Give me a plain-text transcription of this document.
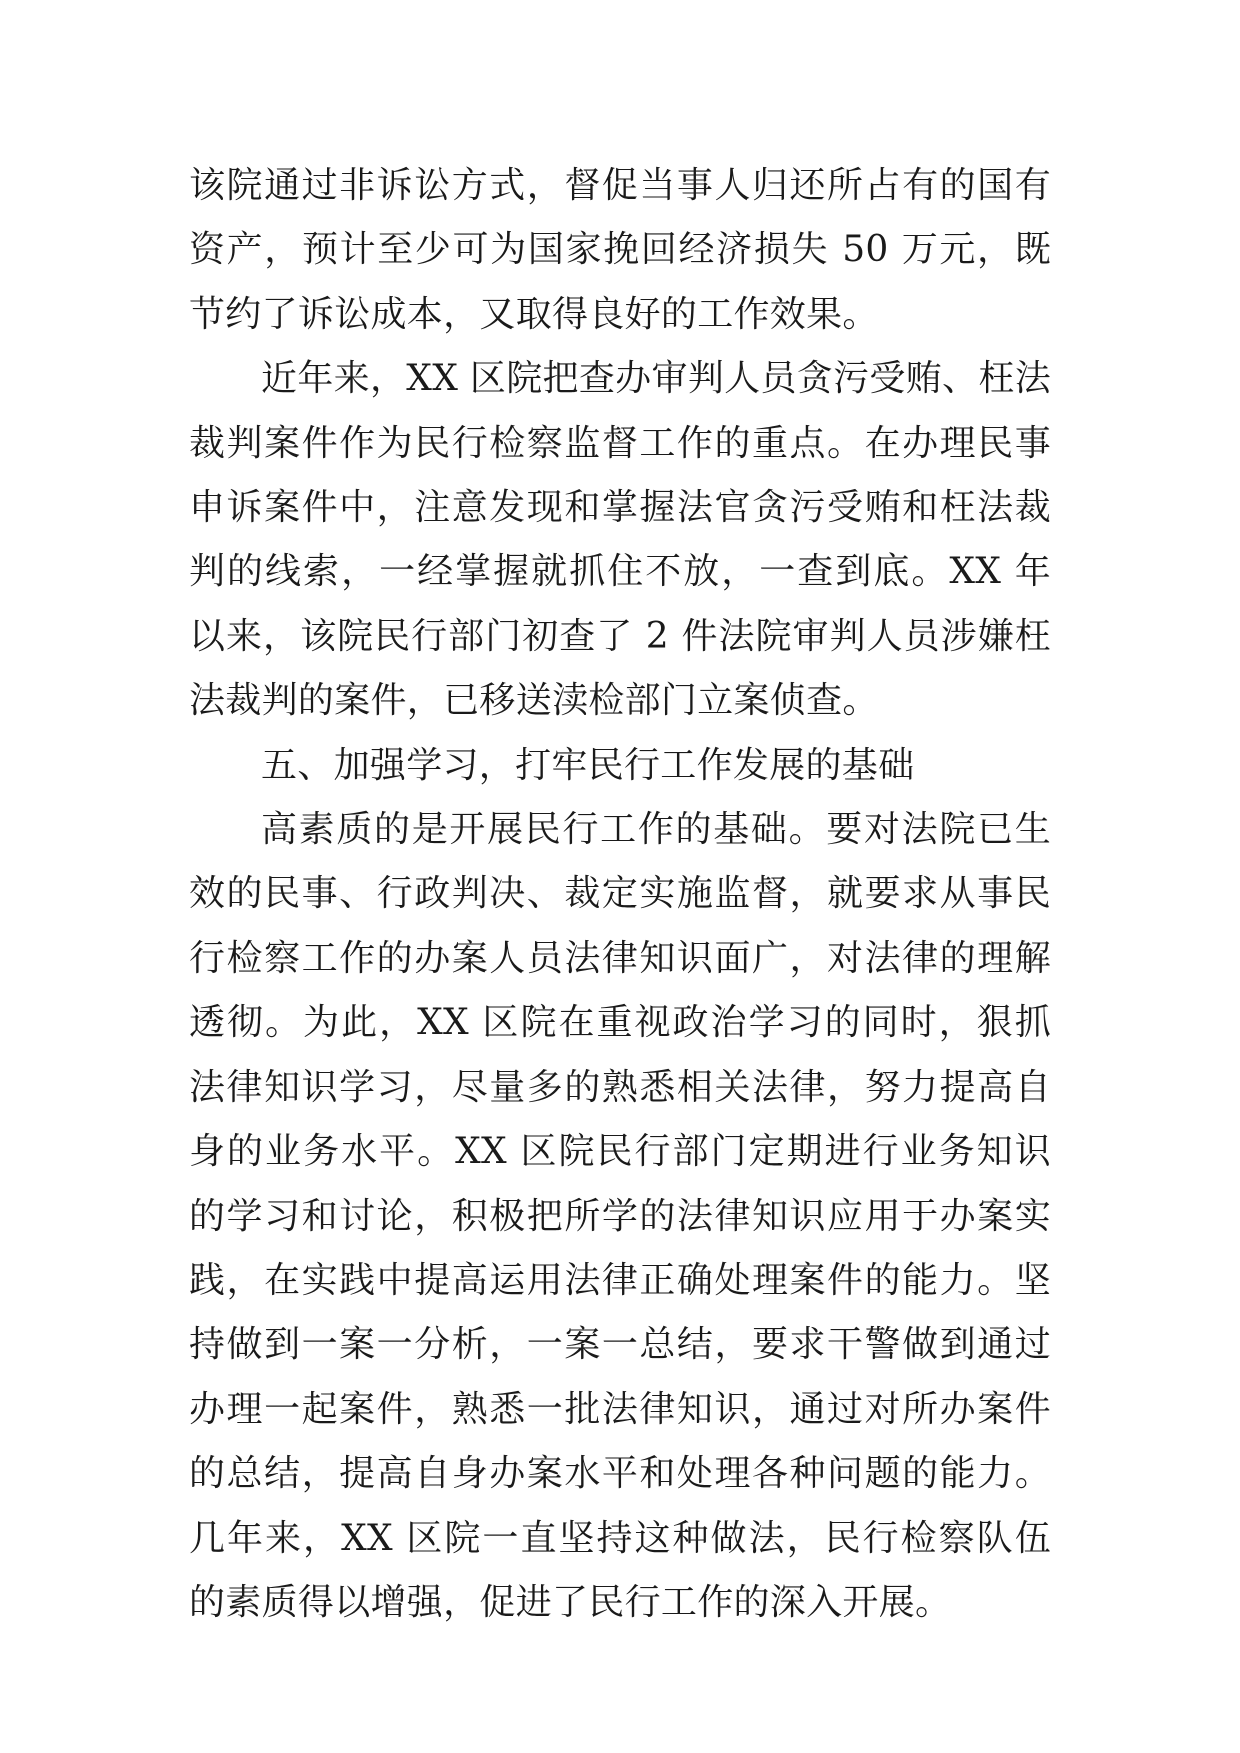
该院通过非诉讼方式，督促当事人归还所占有的国有资产，预计至少可为国家挽回经济损失 50 万元，既节约了诉讼成本，又取得良好的工作效果。

近年来，XX 区院把查办审判人员贪污受贿、枉法裁判案件作为民行检察监督工作的重点。在办理民事申诉案件中，注意发现和掌握法官贪污受贿和枉法裁判的线索，一经掌握就抓住不放，一查到底。XX 年以来，该院民行部门初查了 2 件法院审判人员涉嫌枉法裁判的案件，已移送渎检部门立案侦查。

五、加强学习，打牢民行工作发展的基础

高素质的是开展民行工作的基础。要对法院已生效的民事、行政判决、裁定实施监督，就要求从事民行检察工作的办案人员法律知识面广，对法律的理解透彻。为此，XX 区院在重视政治学习的同时，狠抓法律知识学习，尽量多的熟悉相关法律，努力提高自身的业务水平。XX 区院民行部门定期进行业务知识的学习和讨论，积极把所学的法律知识应用于办案实践，在实践中提高运用法律正确处理案件的能力。坚持做到一案一分析，一案一总结，要求干警做到通过办理一起案件，熟悉一批法律知识，通过对所办案件的总结，提高自身办案水平和处理各种问题的能力。几年来，XX 区院一直坚持这种做法，民行检察队伍的素质得以增强，促进了民行工作的深入开展。
